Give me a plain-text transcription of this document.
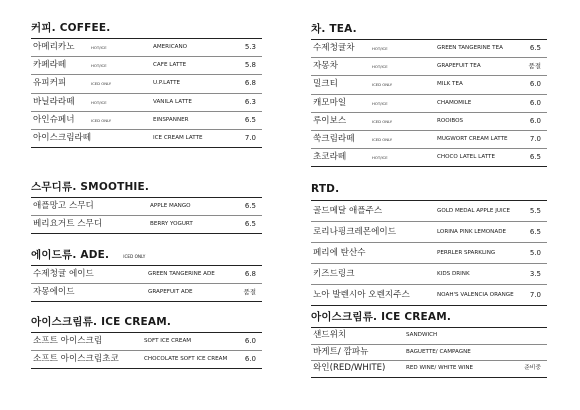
커피. COFFEE.
아메리카노	HOT/ICE	AMERICANO	5.3
카페라떼	HOT/ICE	CAFE LATTE	5.8
유피커피	ICED ONLY	U.P.LATTE	6.8
바닐라라떼	HOT/ICE	VANILA LATTE	6.3
아인슈페너	ICED ONLY	EINSPANNER	6.5
아이스크림라떼	ICE CREAM LATTE	7.0
스무디류. SMOOTHIE.
애플망고 스무디	APPLE MANGO	6.5
베리요거트 스무디	BERRY YOGURT	6.5
에이드류. ADE.	ICED ONLY
수제청귤 에이드	GREEN TANGERINE ADE	6.8
자몽에이드	GRAPEFUIT ADE	품절
아이스크림류. ICE CREAM.
소프트 아이스크림	SOFT ICE CREAM	6.0
소프트 아이스크림초코	CHOCOLATE SOFT ICE CREAM	6.0
차. TEA.
수제청귤차	HOT/ICE	GREEN TANGERINE TEA	6.5
자몽차	HOT/ICE	GRAPEFUIT TEA	품절
밀크티	ICED ONLY	MILK TEA	6.0
캐모마일	HOT/ICE	CHAMOMILE	6.0
루이보스	ICED ONLY	ROOIBOS	6.0
쑥크림라떼	ICED ONLY	MUGWORT CREAM LATTE	7.0
초코라떼	HOT/ICE	CHOCO LATEL LATTE	6.5
RTD.
골드메달 애플주스	GOLD MEDAL APPLE JUICE	5.5
로리나핑크레몬에이드	LORINA PINK LEMONADE	6.5
페리에 탄산수	PERRLER SPARKLING	5.0
키즈드링크	KIDS DRINK	3.5
노아 발렌시아 오렌지주스	NOAH'S VALENCIA ORANGE 7.0
아이스크림류. ICE CREAM.
샌드위치	SANDWICH
바게트/ 깜파뉴	BAGUETTE/ CAMPAGNE
와인(RED/WHITE)	RED WINE/ WHITE WINE	준비중
